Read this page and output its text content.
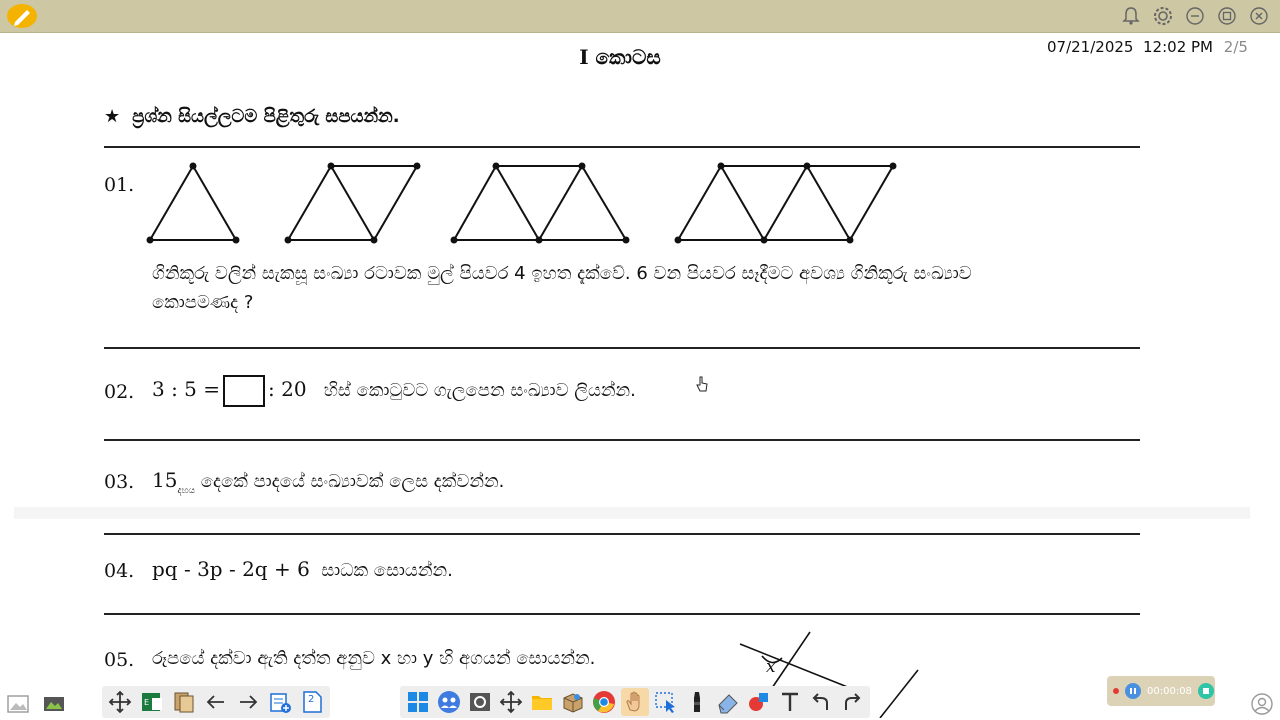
07/21/2025 12:02 PM 2/5
I කොටස
★ ප්‍රශ්න සියල්ලටම පිළිතුරු සපයන්න.
01.
ගිනිකූරු වලින් සැකසූ සංඛ්‍යා රටාවක මුල් පියවර 4 ඉහත දැක්වේ. 6 වන පියවර සෑදීමට අවශ්‍ය ගිනිකූරු සංඛ්‍යාව
කොපමණද ?
02. 3 : 5 = : 20 හිස් කොටුවට ගැලපෙන සංඛ්‍යාව ලියන්න.
03. $15_{දහය}$ දෙකේ පාදයේ සංඛ්‍යාවක් ලෙස දක්වන්න.
04. pq - 3p - 2q + 6 සාධක සොයන්න.
05. රූපයේ දක්වා ඇති දත්ත අනුව x හා y හි අගයන් සොයන්න.	x
E	2
00:00:08
